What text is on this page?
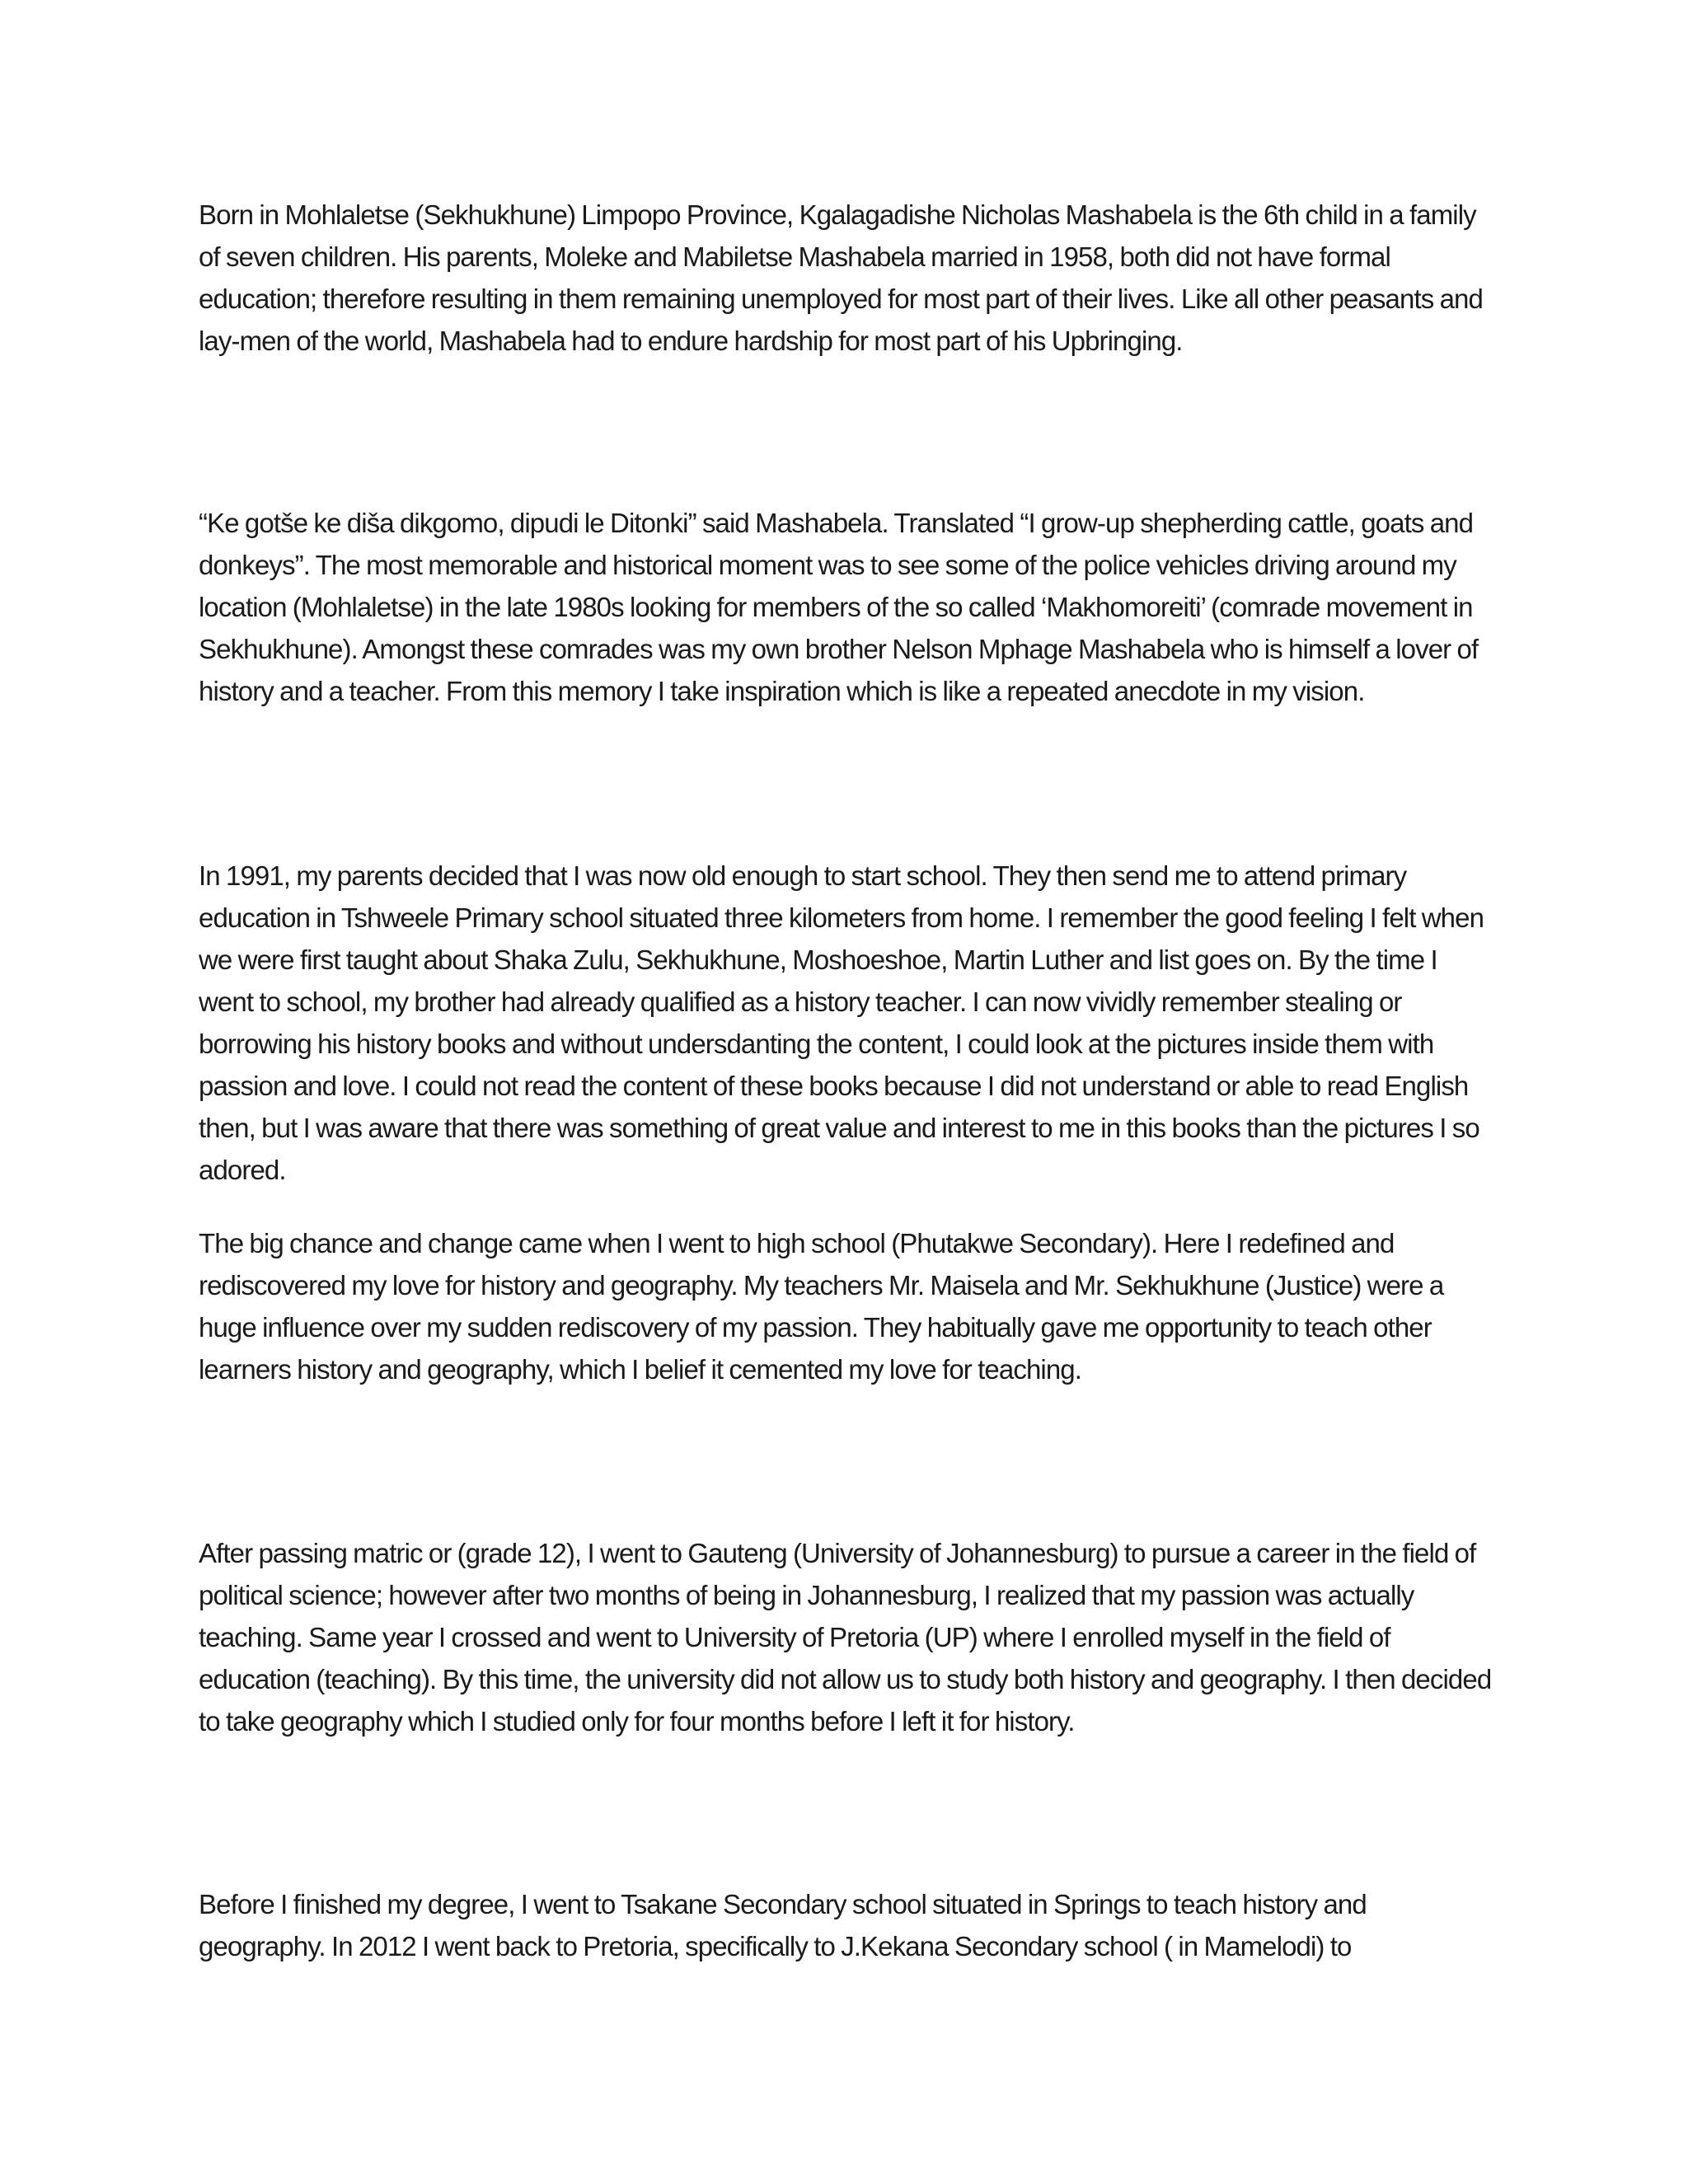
Born in Mohlaletse (Sekhukhune) Limpopo Province, Kgalagadishe Nicholas Mashabela is the 6th child in a family of seven children. His parents, Moleke and Mabiletse Mashabela married in 1958, both did not have formal education; therefore resulting in them remaining unemployed for most part of their lives. Like all other peasants and lay-men of the world, Mashabela had to endure hardship for most part of his Upbringing.

“Ke gotše ke diša dikgomo, dipudi le Ditonki” said Mashabela. Translated “I grow-up shepherding cattle, goats and donkeys”. The most memorable and historical moment was to see some of the police vehicles driving around my location (Mohlaletse) in the late 1980s looking for members of the so called ‘Makhomoreiti’ (comrade movement in Sekhukhune). Amongst these comrades was my own brother Nelson Mphage Mashabela who is himself a lover of history and a teacher. From this memory I take inspiration which is like a repeated anecdote in my vision.

In 1991, my parents decided that I was now old enough to start school. They then send me to attend primary education in Tshweele Primary school situated three kilometers from home. I remember the good feeling I felt when we were first taught about Shaka Zulu, Sekhukhune, Moshoeshoe, Martin Luther and list goes on. By the time I went to school, my brother had already qualified as a history teacher. I can now vividly remember stealing or borrowing his history books and without undersdanting the content, I could look at the pictures inside them with passion and love. I could not read the content of these books because I did not understand or able to read English then, but I was aware that there was something of great value and interest to me in this books than the pictures I so adored.

The big chance and change came when I went to high school (Phutakwe Secondary). Here I redefined and rediscovered my love for history and geography. My teachers Mr. Maisela and Mr. Sekhukhune (Justice) were a huge influence over my sudden rediscovery of my passion. They habitually gave me opportunity to teach other learners history and geography, which I belief it cemented my love for teaching.

After passing matric or (grade 12), I went to Gauteng (University of Johannesburg) to pursue a career in the field of political science; however after two months of being in Johannesburg, I realized that my passion was actually teaching. Same year I crossed and went to University of Pretoria (UP) where I enrolled myself in the field of education (teaching). By this time, the university did not allow us to study both history and geography. I then decided to take geography which I studied only for four months before I left it for history.

Before I finished my degree, I went to Tsakane Secondary school situated in Springs to teach history and geography. In 2012 I went back to Pretoria, specifically to J.Kekana Secondary school ( in Mamelodi) to
